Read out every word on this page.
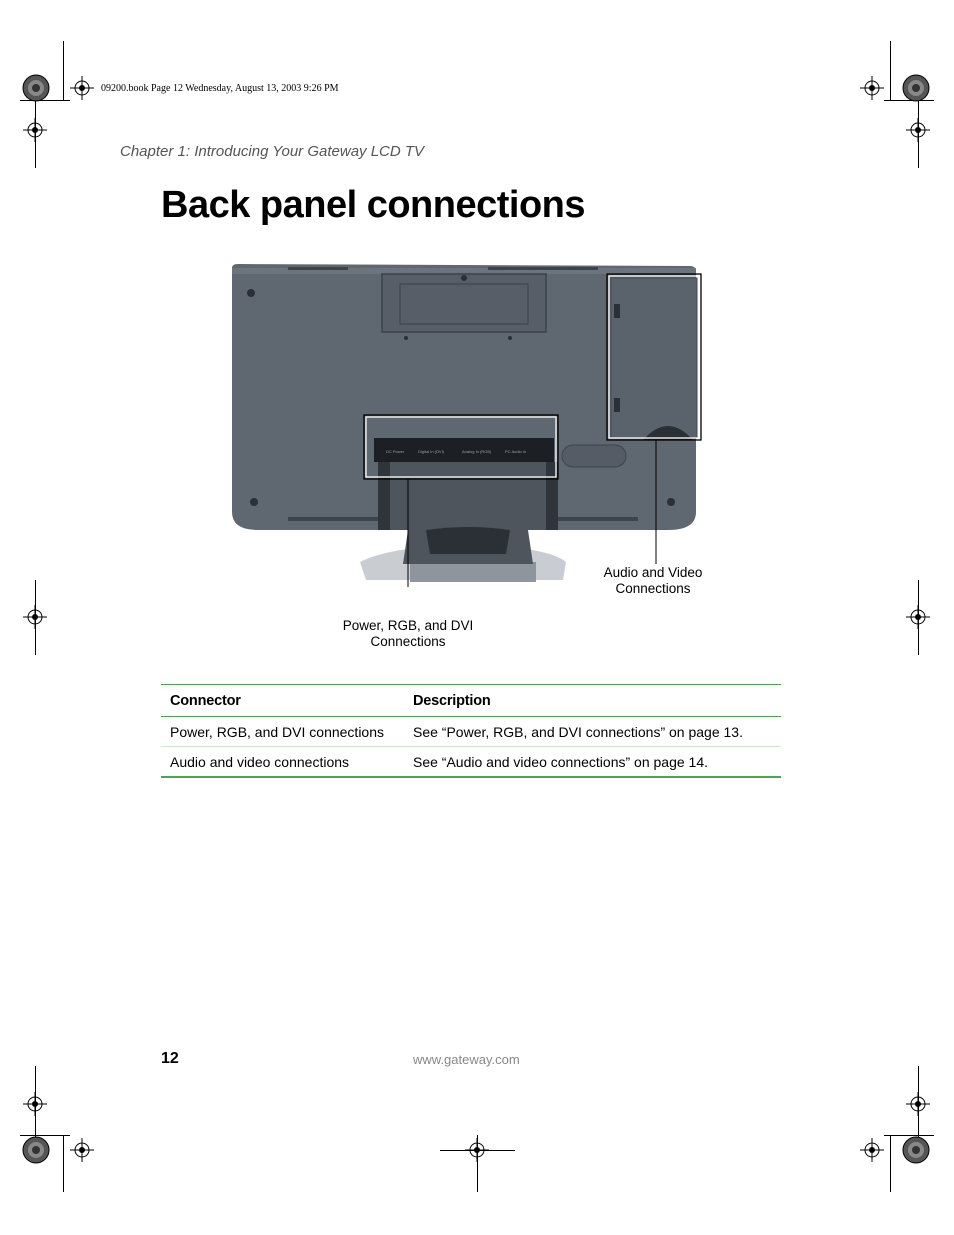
09200.book Page 12 Wednesday, August 13, 2003 9:26 PM
Chapter 1: Introducing Your Gateway LCD TV
Back panel connections
DC Power	Digital In (DVI)	Analog In (RGB)	PC Audio In
Audio and Video
Connections
Power, RGB, and DVI
Connections
Connector	Description
Power, RGB, and DVI connections	See “Power, RGB, and DVI connections” on page 13.
Audio and video connections	See “Audio and video connections” on page 14.
12	www.gateway.com
